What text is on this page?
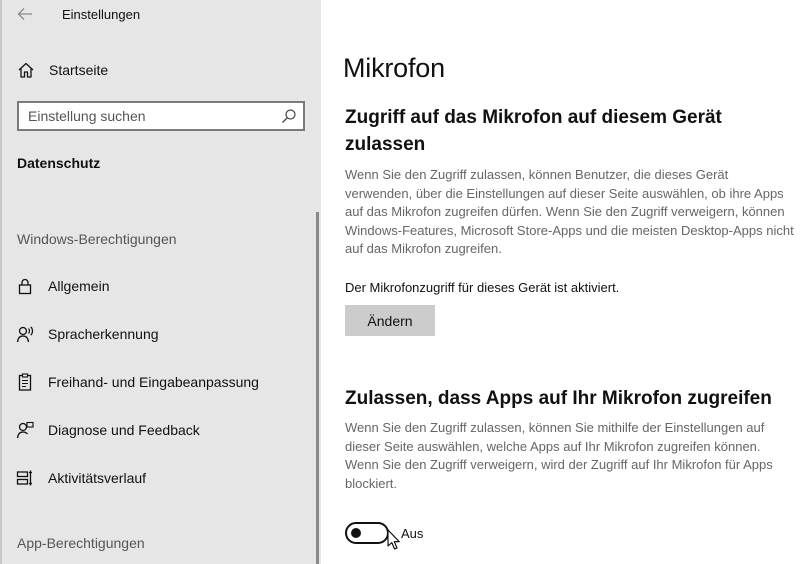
Einstellungen
Startseite
Einstellung suchen
Datenschutz
Windows-Berechtigungen
Allgemein
Spracherkennung
Freihand- und Eingabeanpassung
Diagnose und Feedback
Aktivitätsverlauf
App-Berechtigungen
Mikrofon
Zugriff auf das Mikrofon auf diesem Gerät zulassen

Wenn Sie den Zugriff zulassen, können Benutzer, die dieses Gerät verwenden, über die Einstellungen auf dieser Seite auswählen, ob ihre Apps auf das Mikrofon zugreifen dürfen. Wenn Sie den Zugriff verweigern, können Windows-Features, Microsoft Store-Apps und die meisten Desktop-Apps nicht auf das Mikrofon zugreifen.

Der Mikrofonzugriff für dieses Gerät ist aktiviert.

Ändern
Zulassen, dass Apps auf Ihr Mikrofon zugreifen

Wenn Sie den Zugriff zulassen, können Sie mithilfe der Einstellungen auf dieser Seite auswählen, welche Apps auf Ihr Mikrofon zugreifen können. Wenn Sie den Zugriff verweigern, wird der Zugriff auf Ihr Mikrofon für Apps blockiert.

Aus
